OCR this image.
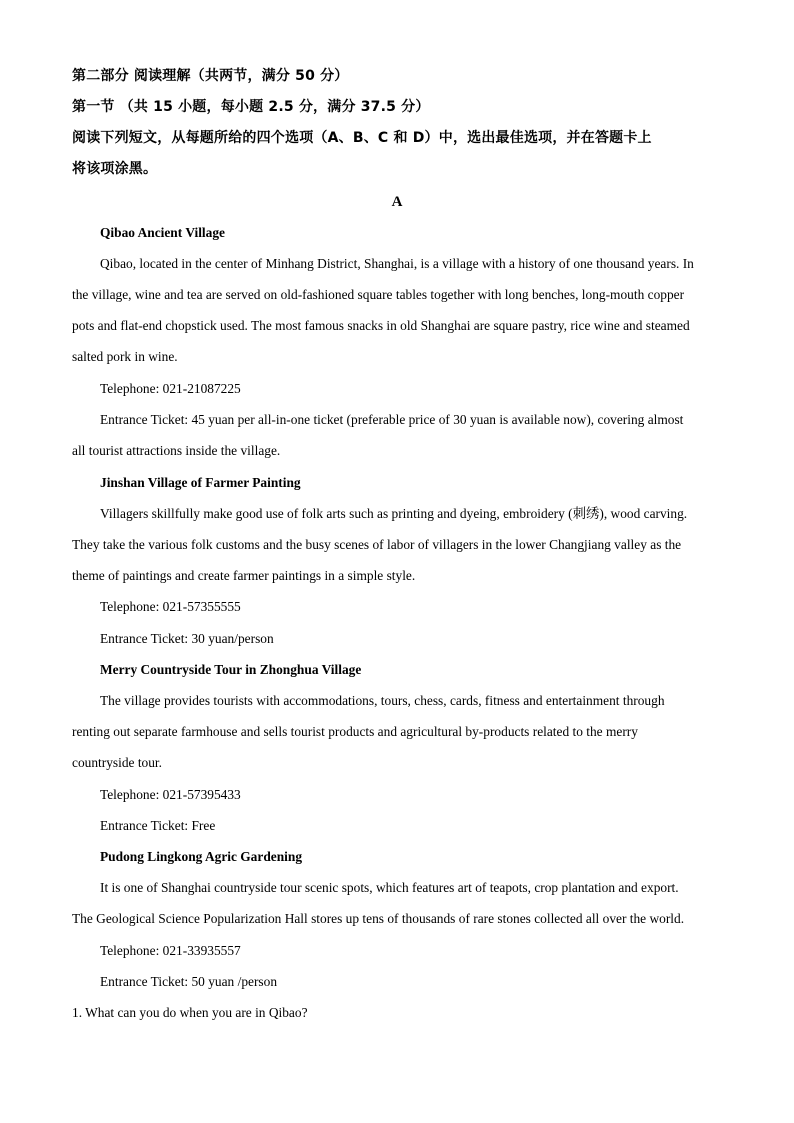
第二部分 阅读理解（共两节，满分 50 分）
第一节 （共 15 小题，每小题 2.5 分，满分 37.5 分）
阅读下列短文，从每题所给的四个选项（A、B、C 和 D）中，选出最佳选项，并在答题卡上
将该项涂黑。
A
Qibao Ancient Village
Qibao, located in the center of Minhang District, Shanghai, is a village with a history of one thousand years. In
the village, wine and tea are served on old-fashioned square tables together with long benches, long-mouth copper
pots and flat-end chopstick used. The most famous snacks in old Shanghai are square pastry, rice wine and steamed
salted pork in wine.
Telephone: 021-21087225
Entrance Ticket: 45 yuan per all-in-one ticket (preferable price of 30 yuan is available now), covering almost
all tourist attractions inside the village.
Jinshan Village of Farmer Painting
Villagers skillfully make good use of folk arts such as printing and dyeing, embroidery (刺绣), wood carving.
They take the various folk customs and the busy scenes of labor of villagers in the lower Changjiang valley as the
theme of paintings and create farmer paintings in a simple style.
Telephone: 021-57355555
Entrance Ticket: 30 yuan/person
Merry Countryside Tour in Zhonghua Village
The village provides tourists with accommodations, tours, chess, cards, fitness and entertainment through
renting out separate farmhouse and sells tourist products and agricultural by-products related to the merry
countryside tour.
Telephone: 021-57395433
Entrance Ticket: Free
Pudong Lingkong Agric Gardening
It is one of Shanghai countryside tour scenic spots, which features art of teapots, crop plantation and export.
The Geological Science Popularization Hall stores up tens of thousands of rare stones collected all over the world.
Telephone: 021-33935557
Entrance Ticket: 50 yuan /person
1. What can you do when you are in Qibao?
